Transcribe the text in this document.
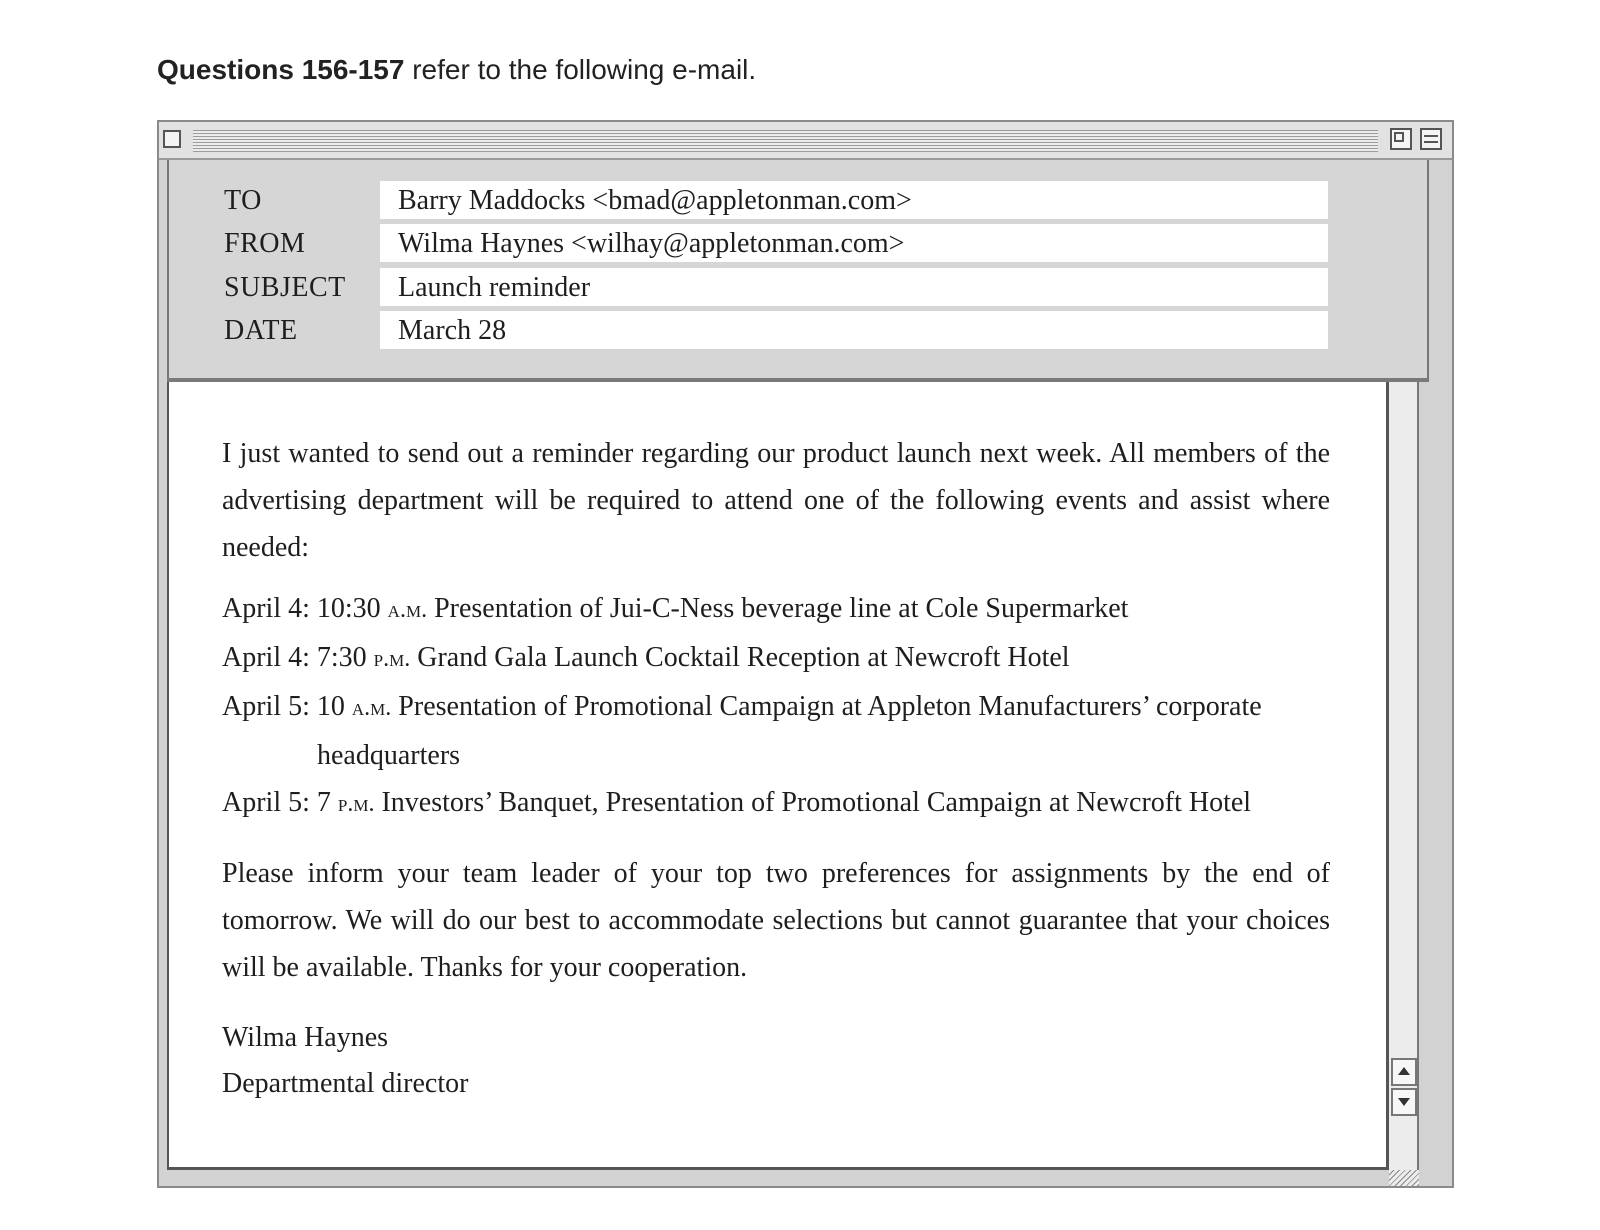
Questions 156-157 refer to the following e-mail.
TO	Barry Maddocks <bmad@appletonman.com>
FROM	Wilma Haynes <wilhay@appletonman.com>
SUBJECT	Launch reminder
DATE	March 28

I just wanted to send out a reminder regarding our product launch next week. All members of the advertising department will be required to attend one of the following events and assist where needed:

April 4: 10:30 a.m. Presentation of Jui-C-Ness beverage line at Cole Supermarket

April 4: 7:30 p.m. Grand Gala Launch Cocktail Reception at Newcroft Hotel

April 5: 10 a.m. Presentation of Promotional Campaign at Appleton Manufacturers’ corporate headquarters

April 5: 7 p.m. Investors’ Banquet, Presentation of Promotional Campaign at Newcroft Hotel

Please inform your team leader of your top two preferences for assignments by the end of tomorrow. We will do our best to accommodate selections but cannot guarantee that your choices will be available. Thanks for your cooperation.

Wilma Haynes
Departmental director
